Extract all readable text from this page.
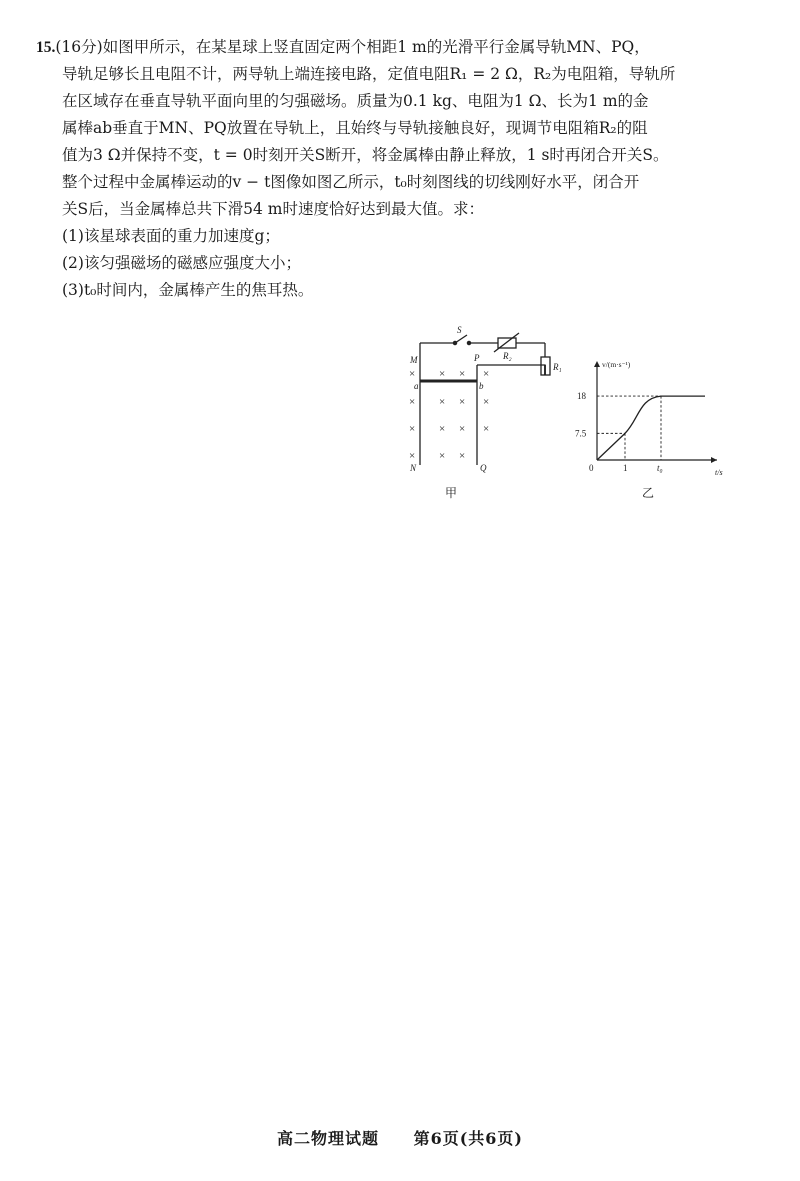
15.(16分)如图甲所示，在某星球上竖直固定两个相距1 m的光滑平行金属导轨MN、PQ，

导轨足够长且电阻不计，两导轨上端连接电路，定值电阻R₁ = 2 Ω，R₂为电阻箱，导轨所

在区域存在垂直导轨平面向里的匀强磁场。质量为0.1 kg、电阻为1 Ω、长为1 m的金

属棒ab垂直于MN、PQ放置在导轨上，且始终与导轨接触良好，现调节电阻箱R₂的阻

值为3 Ω并保持不变，t = 0时刻开关S断开，将金属棒由静止释放，1 s时再闭合开关S。

整个过程中金属棒运动的v − t图像如图乙所示，t₀时刻图线的切线刚好水平，闭合开

关S后，当金属棒总共下滑54 m时速度恰好达到最大值。求：

(1)该星球表面的重力加速度g；

(2)该匀强磁场的磁感应强度大小；

(3)t₀时间内，金属棒产生的焦耳热。

S
R₂
R₁
M	P
a	b
N	Q
× × × ×
× × × ×
× × × ×
× × ×
甲
v/(m·s⁻¹)
t/s
0
18
7.5
1	t₀
乙
高二物理试题 第6页(共6页)
